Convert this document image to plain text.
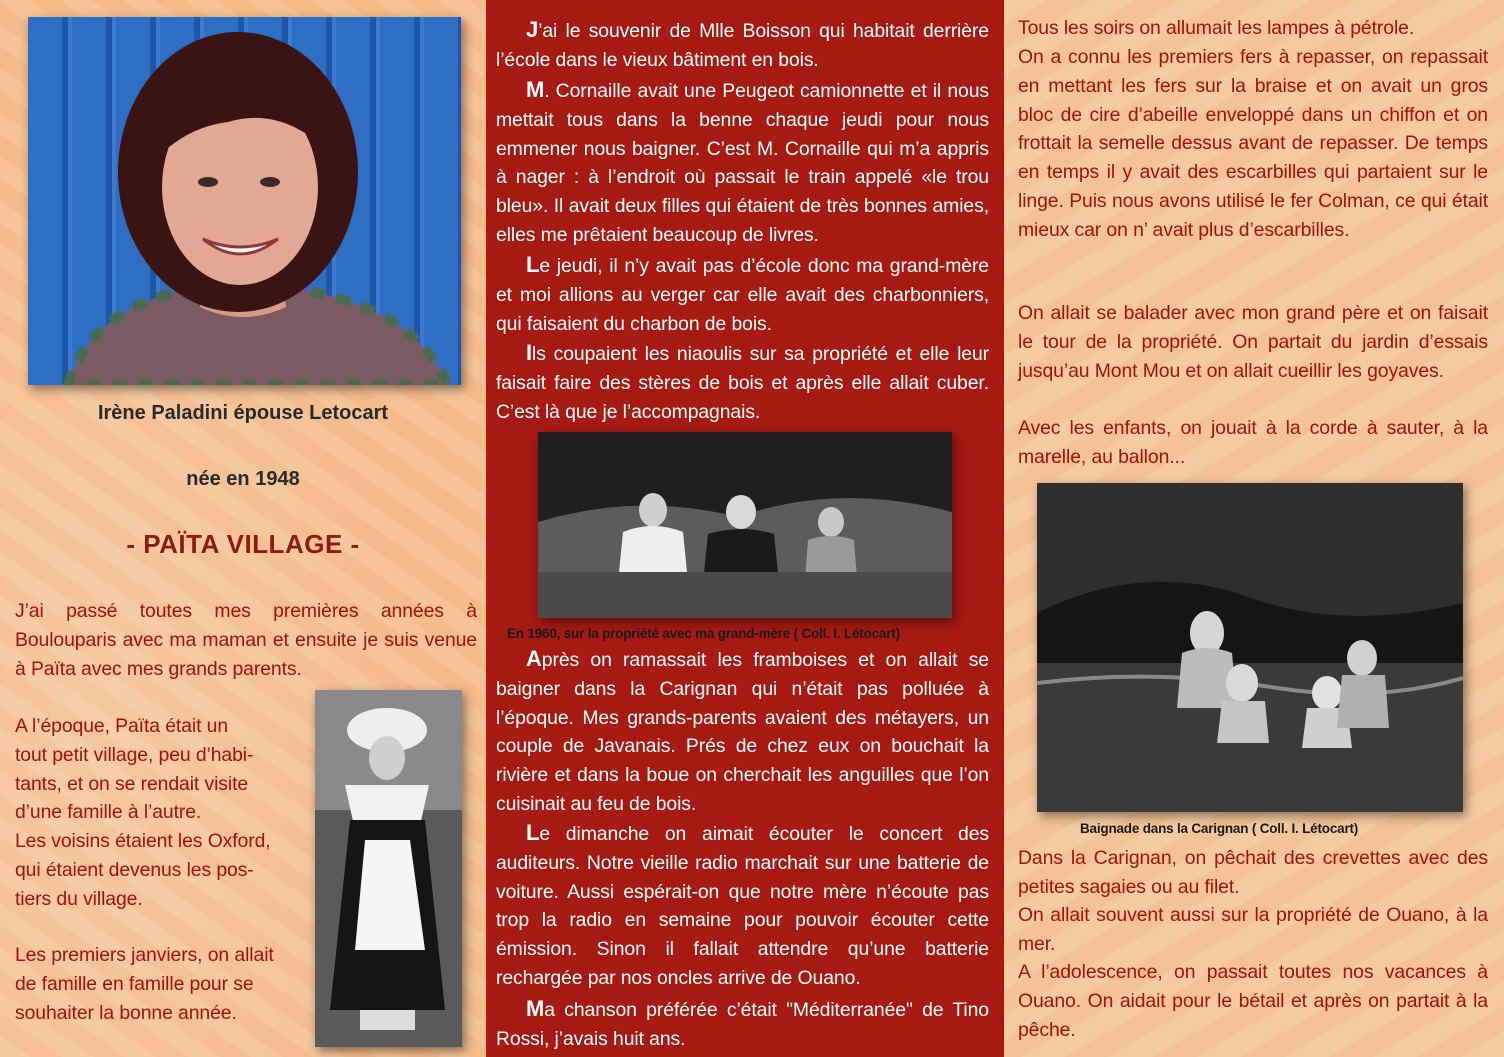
Irène Paladini épouse Letocart
née en 1948
- PAÏTA VILLAGE -

J’ai passé toutes mes premières années à Boulouparis avec ma maman et ensuite je suis venue à Païta avec mes grands parents.

A l’époque, Païta était un
tout petit village, peu d’habi-
tants, et on se rendait visite
d’une famille à l’autre.
Les voisins étaient les Oxford,
qui étaient devenus les pos-
tiers du village.
Les premiers janviers, on allait
de famille en famille pour se
souhaiter la bonne année.

J’ai le souvenir de Mlle Boisson qui habitait derrière l’école dans le vieux bâtiment en bois.

M. Cornaille avait une Peugeot camionnette et il nous mettait tous dans la benne chaque jeudi pour nous emmener nous baigner. C’est M. Cornaille qui m’a appris à nager : à l’endroit où passait le train appelé «le trou bleu». Il avait deux filles qui étaient de très bonnes amies, elles me prêtaient beaucoup de livres.

Le jeudi, il n’y avait pas d’école donc ma grand-mère et moi allions au verger car elle avait des charbonniers, qui faisaient du charbon de bois.

Ils coupaient les niaoulis sur sa propriété et elle leur faisait faire des stères de bois et après elle allait cuber. C’est là que je l’accompagnais.

En 1960, sur la propriété avec ma grand-mère ( Coll. I. Létocart)

Après on ramassait les framboises et on allait se baigner dans la Carignan qui n’était pas polluée à l’époque. Mes grands-parents avaient des métayers, un couple de Javanais. Prés de chez eux on bouchait la rivière et dans la boue on cherchait les anguilles que l’on cuisinait au feu de bois.

Le dimanche on aimait écouter le concert des auditeurs. Notre vieille radio marchait sur une batterie de voiture. Aussi espérait-on que notre mère n’écoute pas trop la radio en semaine pour pouvoir écouter cette émission. Sinon il fallait attendre qu’une batterie rechargée par nos oncles arrive de Ouano.

Ma chanson préférée c’était "Méditerranée" de Tino Rossi, j’avais huit ans.

Tous les soirs on allumait les lampes à pétrole.

On a connu les premiers fers à repasser, on repassait en mettant les fers sur la braise et on avait un gros bloc de cire d’abeille enveloppé dans un chiffon et on frottait la semelle dessus avant de repasser. De temps en temps il y avait des escarbilles qui partaient sur le linge. Puis nous avons utilisé le fer Colman, ce qui était mieux car on n’ avait plus d’escarbilles.

On allait se balader avec mon grand père et on faisait le tour de la propriété. On partait du jardin d’essais jusqu’au Mont Mou et on allait cueillir les goyaves.

Avec les enfants, on jouait à la corde à sauter, à la marelle, au ballon...

Baignade dans la Carignan ( Coll. I. Létocart)

Dans la Carignan, on pêchait des crevettes avec des petites sagaies ou au filet.

On allait souvent aussi sur la propriété de Ouano, à la mer.

A l’adolescence, on passait toutes nos vacances à Ouano. On aidait pour le bétail et après on partait à la pêche.
